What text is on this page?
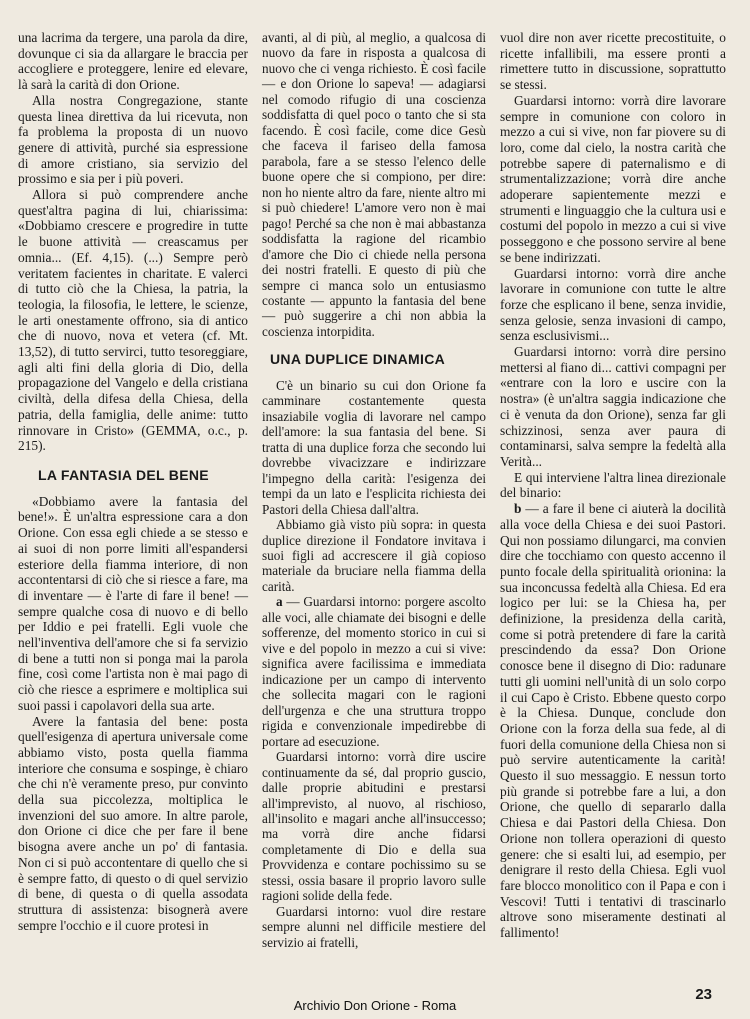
una lacrima da tergere, una parola da dire, dovunque ci sia da allargare le braccia per accogliere e proteggere, lenire ed elevare, là sarà la carità di don Orione.

Alla nostra Congregazione, stante questa linea direttiva da lui ricevuta, non fa problema la proposta di un nuovo genere di attività, purché sia espressione di amore cristiano, sia servizio del prossimo e sia per i più poveri.

Allora si può comprendere anche quest'altra pagina di lui, chiarissima: «Dobbiamo crescere e progredire in tutte le buone attività — creascamus per omnia... (Ef. 4,15). (...) Sempre però veritatem facientes in charitate. E valerci di tutto ciò che la Chiesa, la patria, la teologia, la filosofia, le lettere, le scienze, le arti onestamente offrono, sia di antico che di nuovo, nova et vetera (cf. Mt. 13,52), di tutto servirci, tutto tesoreggiare, agli alti fini della gloria di Dio, della propagazione del Vangelo e della cristiana civiltà, della difesa della Chiesa, della patria, della famiglia, delle anime: tutto rinnovare in Cristo» (GEMMA, o.c., p. 215).

LA FANTASIA DEL BENE

«Dobbiamo avere la fantasia del bene!». È un'altra espressione cara a don Orione. Con essa egli chiede a se stesso e ai suoi di non porre limiti all'espandersi esteriore della fiamma interiore, di non accontentarsi di ciò che si riesce a fare, ma di inventare — è l'arte di fare il bene! — sempre qualche cosa di nuovo e di bello per Iddio e pei fratelli. Egli vuole che nell'inventiva dell'amore che si fa servizio di bene a tutti non si ponga mai la parola fine, così come l'artista non è mai pago di ciò che riesce a esprimere e moltiplica sui suoi passi i capolavori della sua arte.

Avere la fantasia del bene: posta quell'esigenza di apertura universale come abbiamo visto, posta quella fiamma interiore che consuma e sospinge, è chiaro che chi n'è veramente preso, pur convinto della sua piccolezza, moltiplica le invenzioni del suo amore. In altre parole, don Orione ci dice che per fare il bene bisogna avere anche un po' di fantasia. Non ci si può accontentare di quello che si è sempre fatto, di questo o di quel servizio di bene, di questa o di quella assodata struttura di assistenza: bisognerà avere sempre l'occhio e il cuore protesi in

avanti, al di più, al meglio, a qualcosa di nuovo da fare in risposta a qualcosa di nuovo che ci venga richiesto. È così facile — e don Orione lo sapeva! — adagiarsi nel comodo rifugio di una coscienza soddisfatta di quel poco o tanto che si sta facendo. È così facile, come dice Gesù che faceva il fariseo della famosa parabola, fare a se stesso l'elenco delle buone opere che si compiono, per dire: non ho niente altro da fare, niente altro mi si può chiedere! L'amore vero non è mai pago! Perché sa che non è mai abbastanza soddisfatta la ragione del ricambio d'amore che Dio ci chiede nella persona dei nostri fratelli. E questo di più che sempre ci manca solo un entusiasmo costante — appunto la fantasia del bene — può suggerire a chi non abbia la coscienza intorpidita.

UNA DUPLICE DINAMICA

C'è un binario su cui don Orione fa camminare costantemente questa insaziabile voglia di lavorare nel campo dell'amore: la sua fantasia del bene. Si tratta di una duplice forza che secondo lui dovrebbe vivacizzare e indirizzare l'impegno della carità: l'esigenza dei tempi da un lato e l'esplicita richiesta dei Pastori della Chiesa dall'altra.

Abbiamo già visto più sopra: in questa duplice direzione il Fondatore invitava i suoi figli ad accrescere il già copioso materiale da bruciare nella fiamma della carità.

a — Guardarsi intorno: porgere ascolto alle voci, alle chiamate dei bisogni e delle sofferenze, del momento storico in cui si vive e del popolo in mezzo a cui si vive: significa avere facilissima e immediata indicazione per un campo di intervento che sollecita magari con le ragioni dell'urgenza e che una struttura troppo rigida e convenzionale impedirebbe di portare ad esecuzione.

Guardarsi intorno: vorrà dire uscire continuamente da sé, dal proprio guscio, dalle proprie abitudini e prestarsi all'imprevisto, al nuovo, al rischioso, all'insolito e magari anche all'insuccesso; ma vorrà dire anche fidarsi completamente di Dio e della sua Provvidenza e contare pochissimo su se stessi, ossia basare il proprio lavoro sulle ragioni solide della fede.

Guardarsi intorno: vuol dire restare sempre alunni nel difficile mestiere del servizio ai fratelli,

vuol dire non aver ricette precostituite, o ricette infallibili, ma essere pronti a rimettere tutto in discussione, soprattutto se stessi.

Guardarsi intorno: vorrà dire lavorare sempre in comunione con coloro in mezzo a cui si vive, non far piovere su di loro, come dal cielo, la nostra carità che potrebbe sapere di paternalismo e di strumentalizzazione; vorrà dire anche adoperare sapientemente mezzi e strumenti e linguaggio che la cultura usi e costumi del popolo in mezzo a cui si vive posseggono e che possono servire al bene se bene indirizzati.

Guardarsi intorno: vorrà dire anche lavorare in comunione con tutte le altre forze che esplicano il bene, senza invidie, senza gelosie, senza invasioni di campo, senza esclusivismi...

Guardarsi intorno: vorrà dire persino mettersi al fiano di... cattivi compagni per «entrare con la loro e uscire con la nostra» (è un'altra saggia indicazione che ci è venuta da don Orione), senza far gli schizzinosi, senza aver paura di contaminarsi, salva sempre la fedeltà alla Verità...

E qui interviene l'altra linea direzionale del binario:

b — a fare il bene ci aiuterà la docilità alla voce della Chiesa e dei suoi Pastori. Qui non possiamo dilungarci, ma convien dire che tocchiamo con questo accenno il punto focale della spiritualità orionina: la sua inconcussa fedeltà alla Chiesa. Ed era logico per lui: se la Chiesa ha, per definizione, la presidenza della carità, come si potrà pretendere di fare la carità prescindendo da essa? Don Orione conosce bene il disegno di Dio: radunare tutti gli uomini nell'unità di un solo corpo il cui Capo è Cristo. Ebbene questo corpo è la Chiesa. Dunque, conclude don Orione con la forza della sua fede, al di fuori della comunione della Chiesa non si può servire autenticamente la carità! Questo il suo messaggio. E nessun torto più grande si potrebbe fare a lui, a don Orione, che quello di separarlo dalla Chiesa e dai Pastori della Chiesa. Don Orione non tollera operazioni di questo genere: che si esalti lui, ad esempio, per denigrare il resto della Chiesa. Egli vuol fare blocco monolitico con il Papa e con i Vescovi! Tutti i tentativi di trascinarlo altrove sono miseramente destinati al fallimento!

Archivio Don Orione - Roma
23
